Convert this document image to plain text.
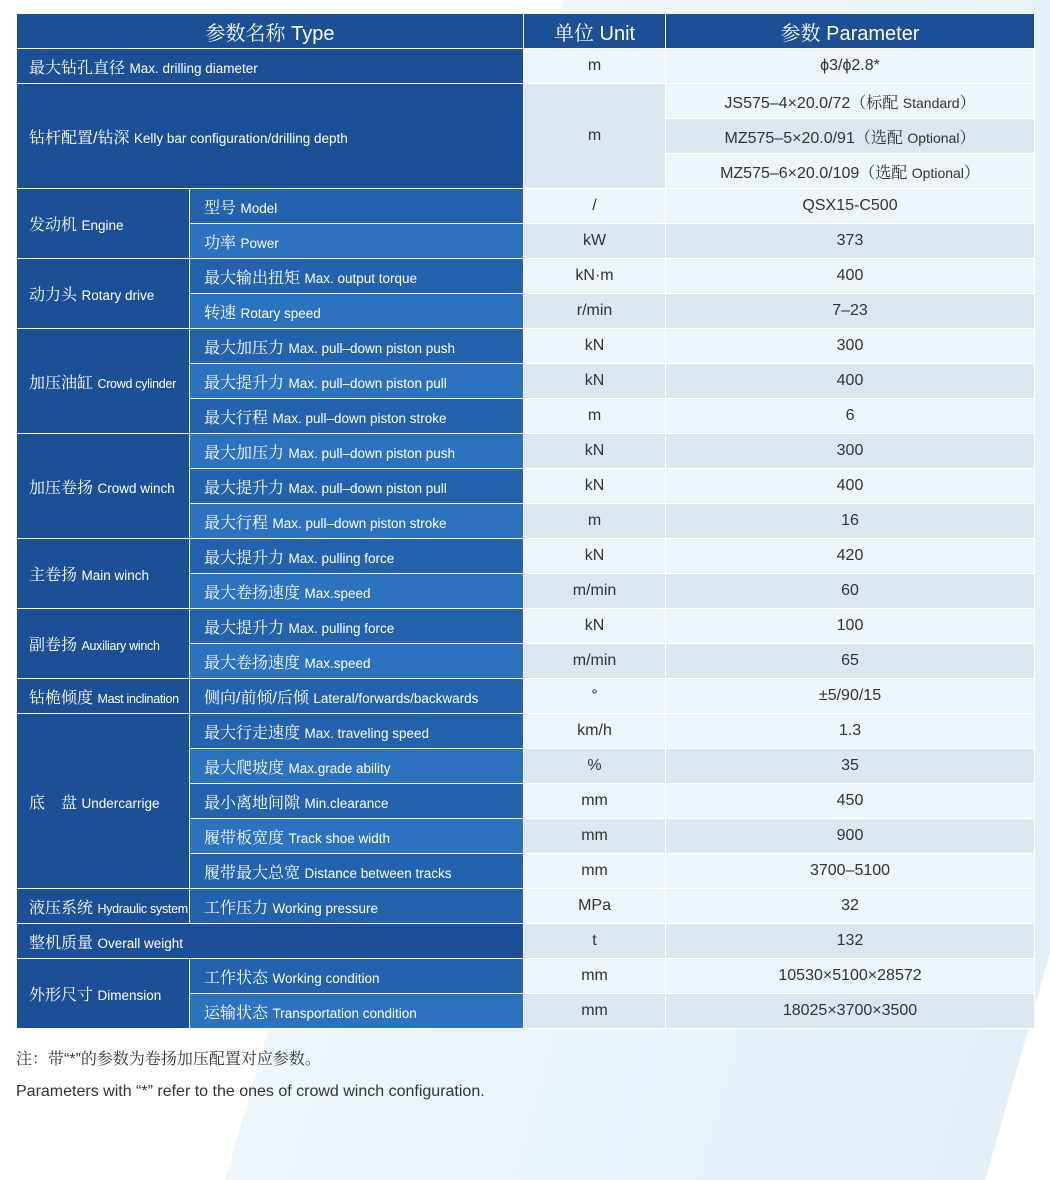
参数名称 Type		单位 Unit	参数 Parameter
最大钻孔直径 Max. drilling diameter		m	ϕ3/ϕ2.8*
钻杆配置/钻深 Kelly bar configuration/drilling depth		m	JS575–4×20.0/72（标配 Standard）
			MZ575–5×20.0/91（选配 Optional）
			MZ575–6×20.0/109（选配 Optional）
发动机 Engine	型号 Model	/	QSX15-C500
	功率 Power	kW	373
动力头 Rotary drive	最大输出扭矩 Max. output torque	kN·m	400
	转速 Rotary speed	r/min	7–23
加压油缸 Crowd cylinder	最大加压力 Max. pull–down piston push	kN	300
	最大提升力 Max. pull–down piston pull	kN	400
	最大行程 Max. pull–down piston stroke	m	6
加压卷扬 Crowd winch	最大加压力 Max. pull–down piston push	kN	300
	最大提升力 Max. pull–down piston pull	kN	400
	最大行程 Max. pull–down piston stroke	m	16
主卷扬 Main winch	最大提升力 Max. pulling force	kN	420
	最大卷扬速度 Max.speed	m/min	60
副卷扬 Auxiliary winch	最大提升力 Max. pulling force	kN	100
	最大卷扬速度 Max.speed	m/min	65
钻桅倾度 Mast inclination	侧向/前倾/后倾 Lateral/forwards/backwards	°	±5/90/15
底　盘 Undercarrige	最大行走速度 Max. traveling speed	km/h	1.3
	最大爬坡度 Max.grade ability	%	35
	最小离地间隙 Min.clearance	mm	450
	履带板宽度 Track shoe width	mm	900
	履带最大总宽 Distance between tracks	mm	3700–5100
液压系统 Hydraulic system	工作压力 Working pressure	MPa	32
整机质量 Overall weight		t	132
外形尺寸 Dimension	工作状态 Working condition	mm	10530×5100×28572
	运输状态 Transportation condition	mm	18025×3700×3500
注：带“*”的参数为卷扬加压配置对应参数。
Parameters with “*” refer to the ones of crowd winch configuration.
